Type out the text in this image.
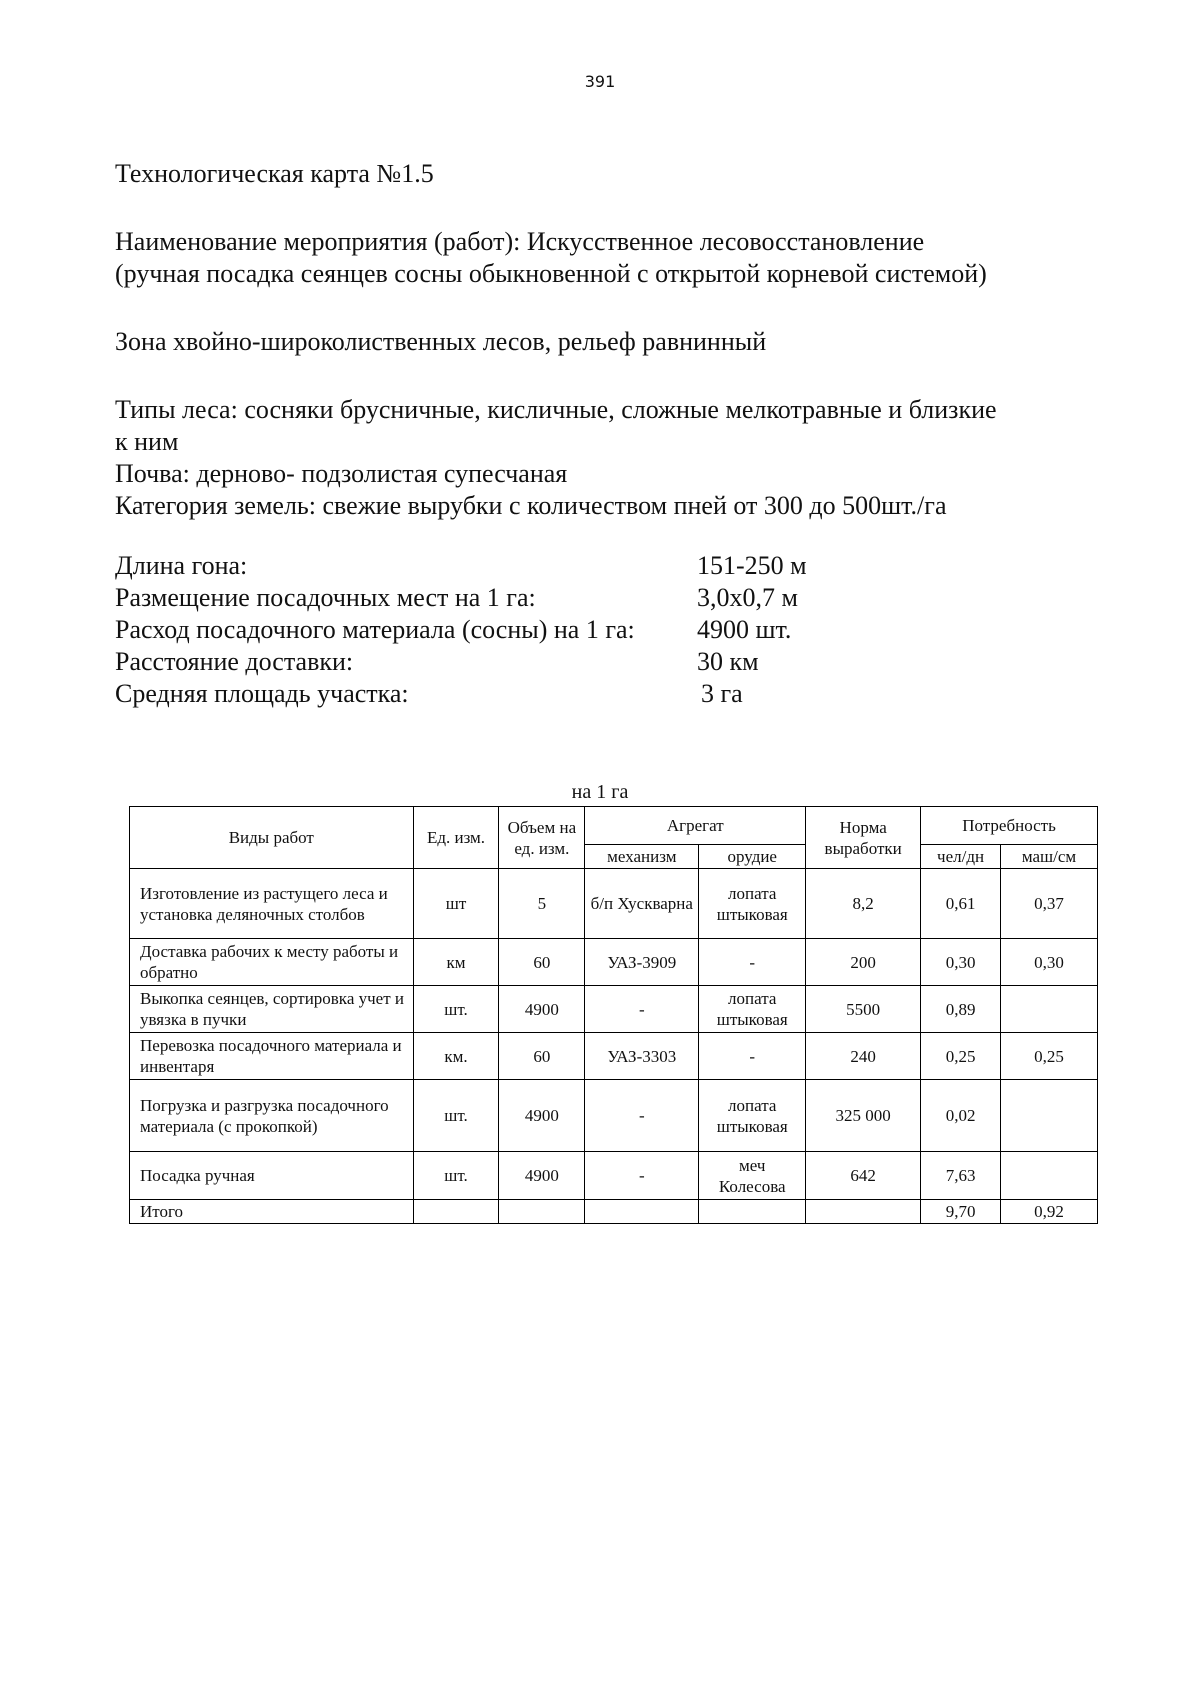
391

Технологическая карта №1.5

Наименование мероприятия (работ): Искусственное лесовосстановление

(ручная посадка сеянцев сосны обыкновенной с открытой корневой системой)

Зона хвойно-широколиственных лесов, рельеф равнинный

Типы леса: сосняки брусничные, кисличные, сложные мелкотравные и близкие

к ним

Почва: дерново- подзолистая супесчаная

Категория земель: свежие вырубки с количеством пней от 300 до 500шт./га

Длина гона:	151-250 м
Размещение посадочных мест на 1 га:	3,0х0,7 м
Расход посадочного материала (сосны) на 1 га:	4900 шт.
Расстояние доставки:	30 км
Средняя площадь участка:	3 га
на 1 га
Виды работ	Ед. изм.	Объем на ед. изм.	Агрегат		Норма выработки	Потребность	
			механизм	орудие		чел/дн	маш/см
Изготовление из растущего леса и установка деляночных столбов	шт	5	б/п Хускварна	лопата штыковая	8,2	0,61	0,37
Доставка рабочих к месту работы и обратно	км	60	УАЗ-3909	-	200	0,30	0,30
Выкопка сеянцев, сортировка учет и увязка в пучки	шт.	4900	-	лопата штыковая	5500	0,89	
Перевозка посадочного материала и инвентаря	км.	60	УАЗ-3303	-	240	0,25	0,25
Погрузка и разгрузка посадочного материала (с прокопкой)	шт.	4900	-	лопата штыковая	325 000	0,02	
Посадка ручная	шт.	4900	-	меч Колесова	642	7,63	
Итого						9,70	0,92
